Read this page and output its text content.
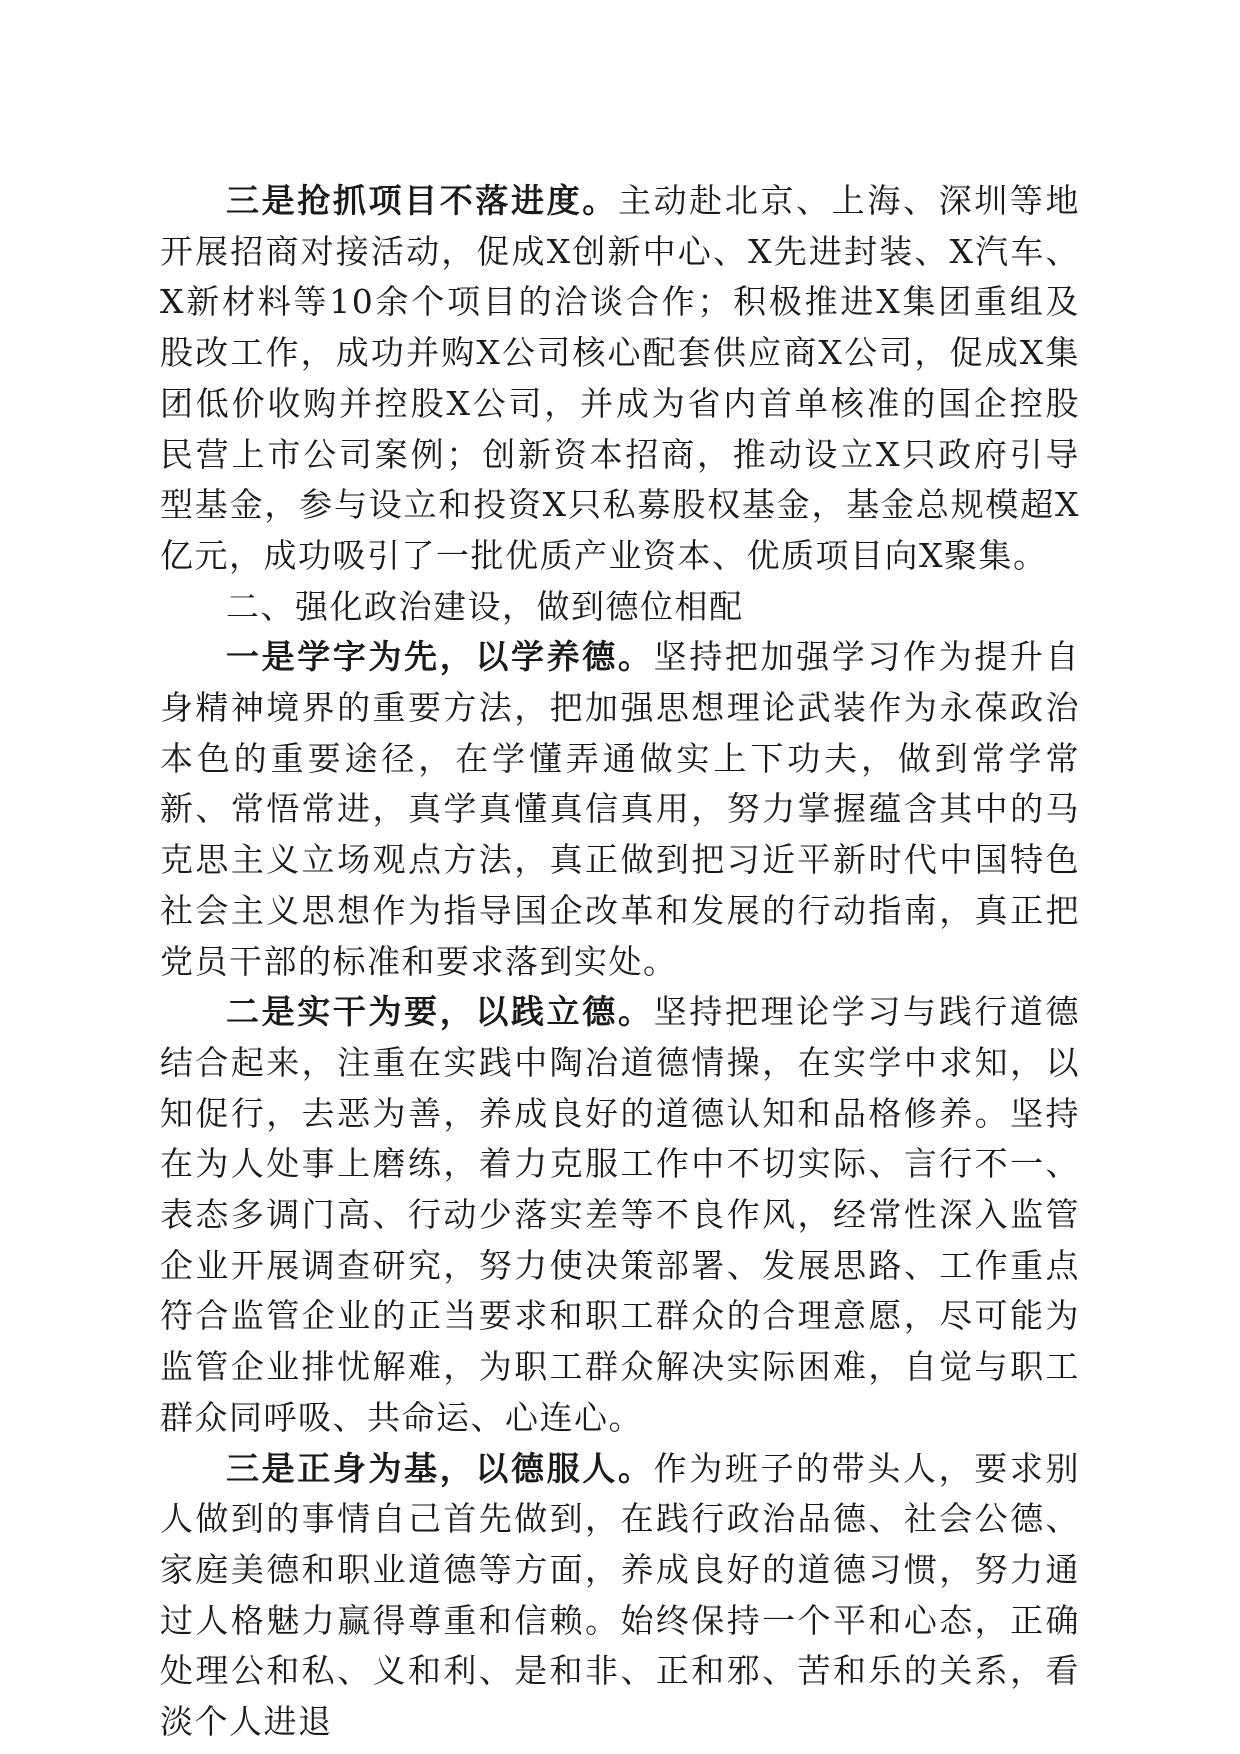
三是抢抓项目不落进度。主动赴北京、上海、深圳等地开展招商对接活动，促成X创新中心、X先进封装、X汽车、X新材料等10余个项目的洽谈合作；积极推进X集团重组及股改工作，成功并购X公司核心配套供应商X公司，促成X集团低价收购并控股X公司，并成为省内首单核准的国企控股民营上市公司案例；创新资本招商，推动设立X只政府引导型基金，参与设立和投资X只私募股权基金，基金总规模超X亿元，成功吸引了一批优质产业资本、优质项目向X聚集。

二、强化政治建设，做到德位相配

一是学字为先，以学养德。坚持把加强学习作为提升自身精神境界的重要方法，把加强思想理论武装作为永葆政治本色的重要途径，在学懂弄通做实上下功夫，做到常学常新、常悟常进，真学真懂真信真用，努力掌握蕴含其中的马克思主义立场观点方法，真正做到把习近平新时代中国特色社会主义思想作为指导国企改革和发展的行动指南，真正把党员干部的标准和要求落到实处。

二是实干为要，以践立德。坚持把理论学习与践行道德结合起来，注重在实践中陶冶道德情操，在实学中求知，以知促行，去恶为善，养成良好的道德认知和品格修养。坚持在为人处事上磨练，着力克服工作中不切实际、言行不一、表态多调门高、行动少落实差等不良作风，经常性深入监管企业开展调查研究，努力使决策部署、发展思路、工作重点符合监管企业的正当要求和职工群众的合理意愿，尽可能为监管企业排忧解难，为职工群众解决实际困难，自觉与职工群众同呼吸、共命运、心连心。

三是正身为基，以德服人。作为班子的带头人，要求别人做到的事情自己首先做到，在践行政治品德、社会公德、家庭美德和职业道德等方面，养成良好的道德习惯，努力通过人格魅力赢得尊重和信赖。始终保持一个平和心态，正确处理公和私、义和利、是和非、正和邪、苦和乐的关系，看淡个人进退
